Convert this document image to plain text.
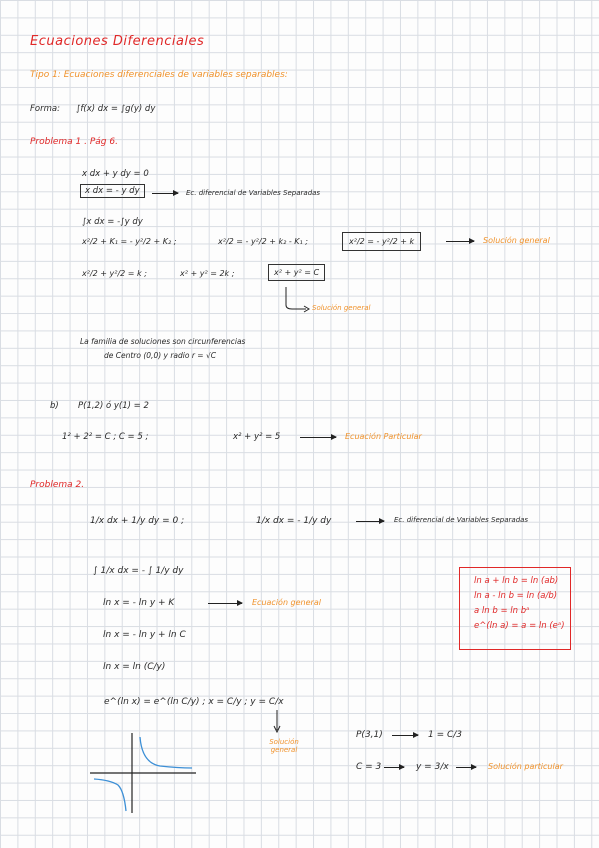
Ecuaciones Diferenciales
Tipo 1: Ecuaciones diferenciales de variables separables:
Forma: ∫f(x) dx = ∫g(y) dy
Problema 1 . Pág 6.
x dx + y dy = 0
x dx = - y dy	Ec. diferencial de Variables Separadas
∫x dx = -∫y dy
x²/2 + K₁ = - y²/2 + K₂ ;	x²/2 = - y²/2 + k₂ - K₁ ;	x²/2 = - y²/2 + k	Solución general
x²/2 + y²/2 = k ;	x² + y² = 2k ;	x² + y² = C
Solución general
La familia de soluciones son circunferencias
de Centro (0,0) y radio r = √C
b) P(1,2) ó y(1) = 2
1² + 2² = C ; C = 5 ;	x² + y² = 5	Ecuación Particular
Problema 2.
1/x dx + 1/y dy = 0 ;	1/x dx = - 1/y dy	Ec. diferencial de Variables Separadas
∫ 1/x dx = - ∫ 1/y dy
ln x = - ln y + K	Ecuación general
ln x = - ln y + ln C
ln x = ln (C/y)
e^(ln x) = e^(ln C/y) ; x = C/y ; y = C/x
Solución general
ln a + ln b = ln (ab)
ln a - ln b = ln (a/b)
a ln b = ln bᵃ
e^(ln a) = a = ln (eᵃ)
P(3,1)	1 = C/3
C = 3	y = 3/x	Solución particular
